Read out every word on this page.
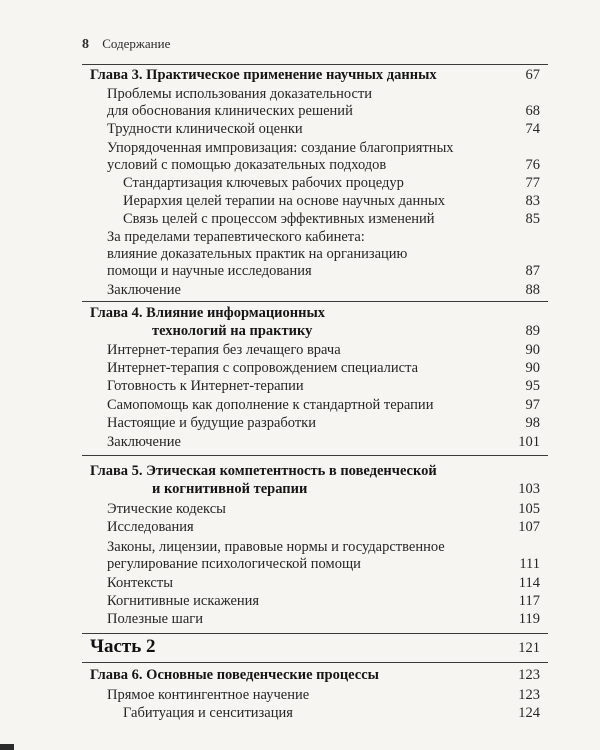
8 Содержание
Глава 3. Практическое применение научных данных	67
Проблемы использования доказательности
для обоснования клинических решений	68
Трудности клинической оценки	74
Упорядоченная импровизация: создание благоприятных
условий с помощью доказательных подходов	76
Стандартизация ключевых рабочих процедур	77
Иерархия целей терапии на основе научных данных	83
Связь целей с процессом эффективных изменений	85
За пределами терапевтического кабинета:
влияние доказательных практик на организацию
помощи и научные исследования	87
Заключение	88
Глава 4. Влияние информационных
технологий на практику	89
Интернет-терапия без лечащего врача	90
Интернет-терапия с сопровождением специалиста	90
Готовность к Интернет-терапии	95
Самопомощь как дополнение к стандартной терапии	97
Настоящие и будущие разработки	98
Заключение	101
Глава 5. Этическая компетентность в поведенческой
и когнитивной терапии	103
Этические кодексы	105
Исследования	107
Законы, лицензии, правовые нормы и государственное
регулирование психологической помощи	111
Контексты	114
Когнитивные искажения	117
Полезные шаги	119
Часть 2	121
Глава 6. Основные поведенческие процессы	123
Прямое контингентное научение	123
Габитуация и сенситизация	124
